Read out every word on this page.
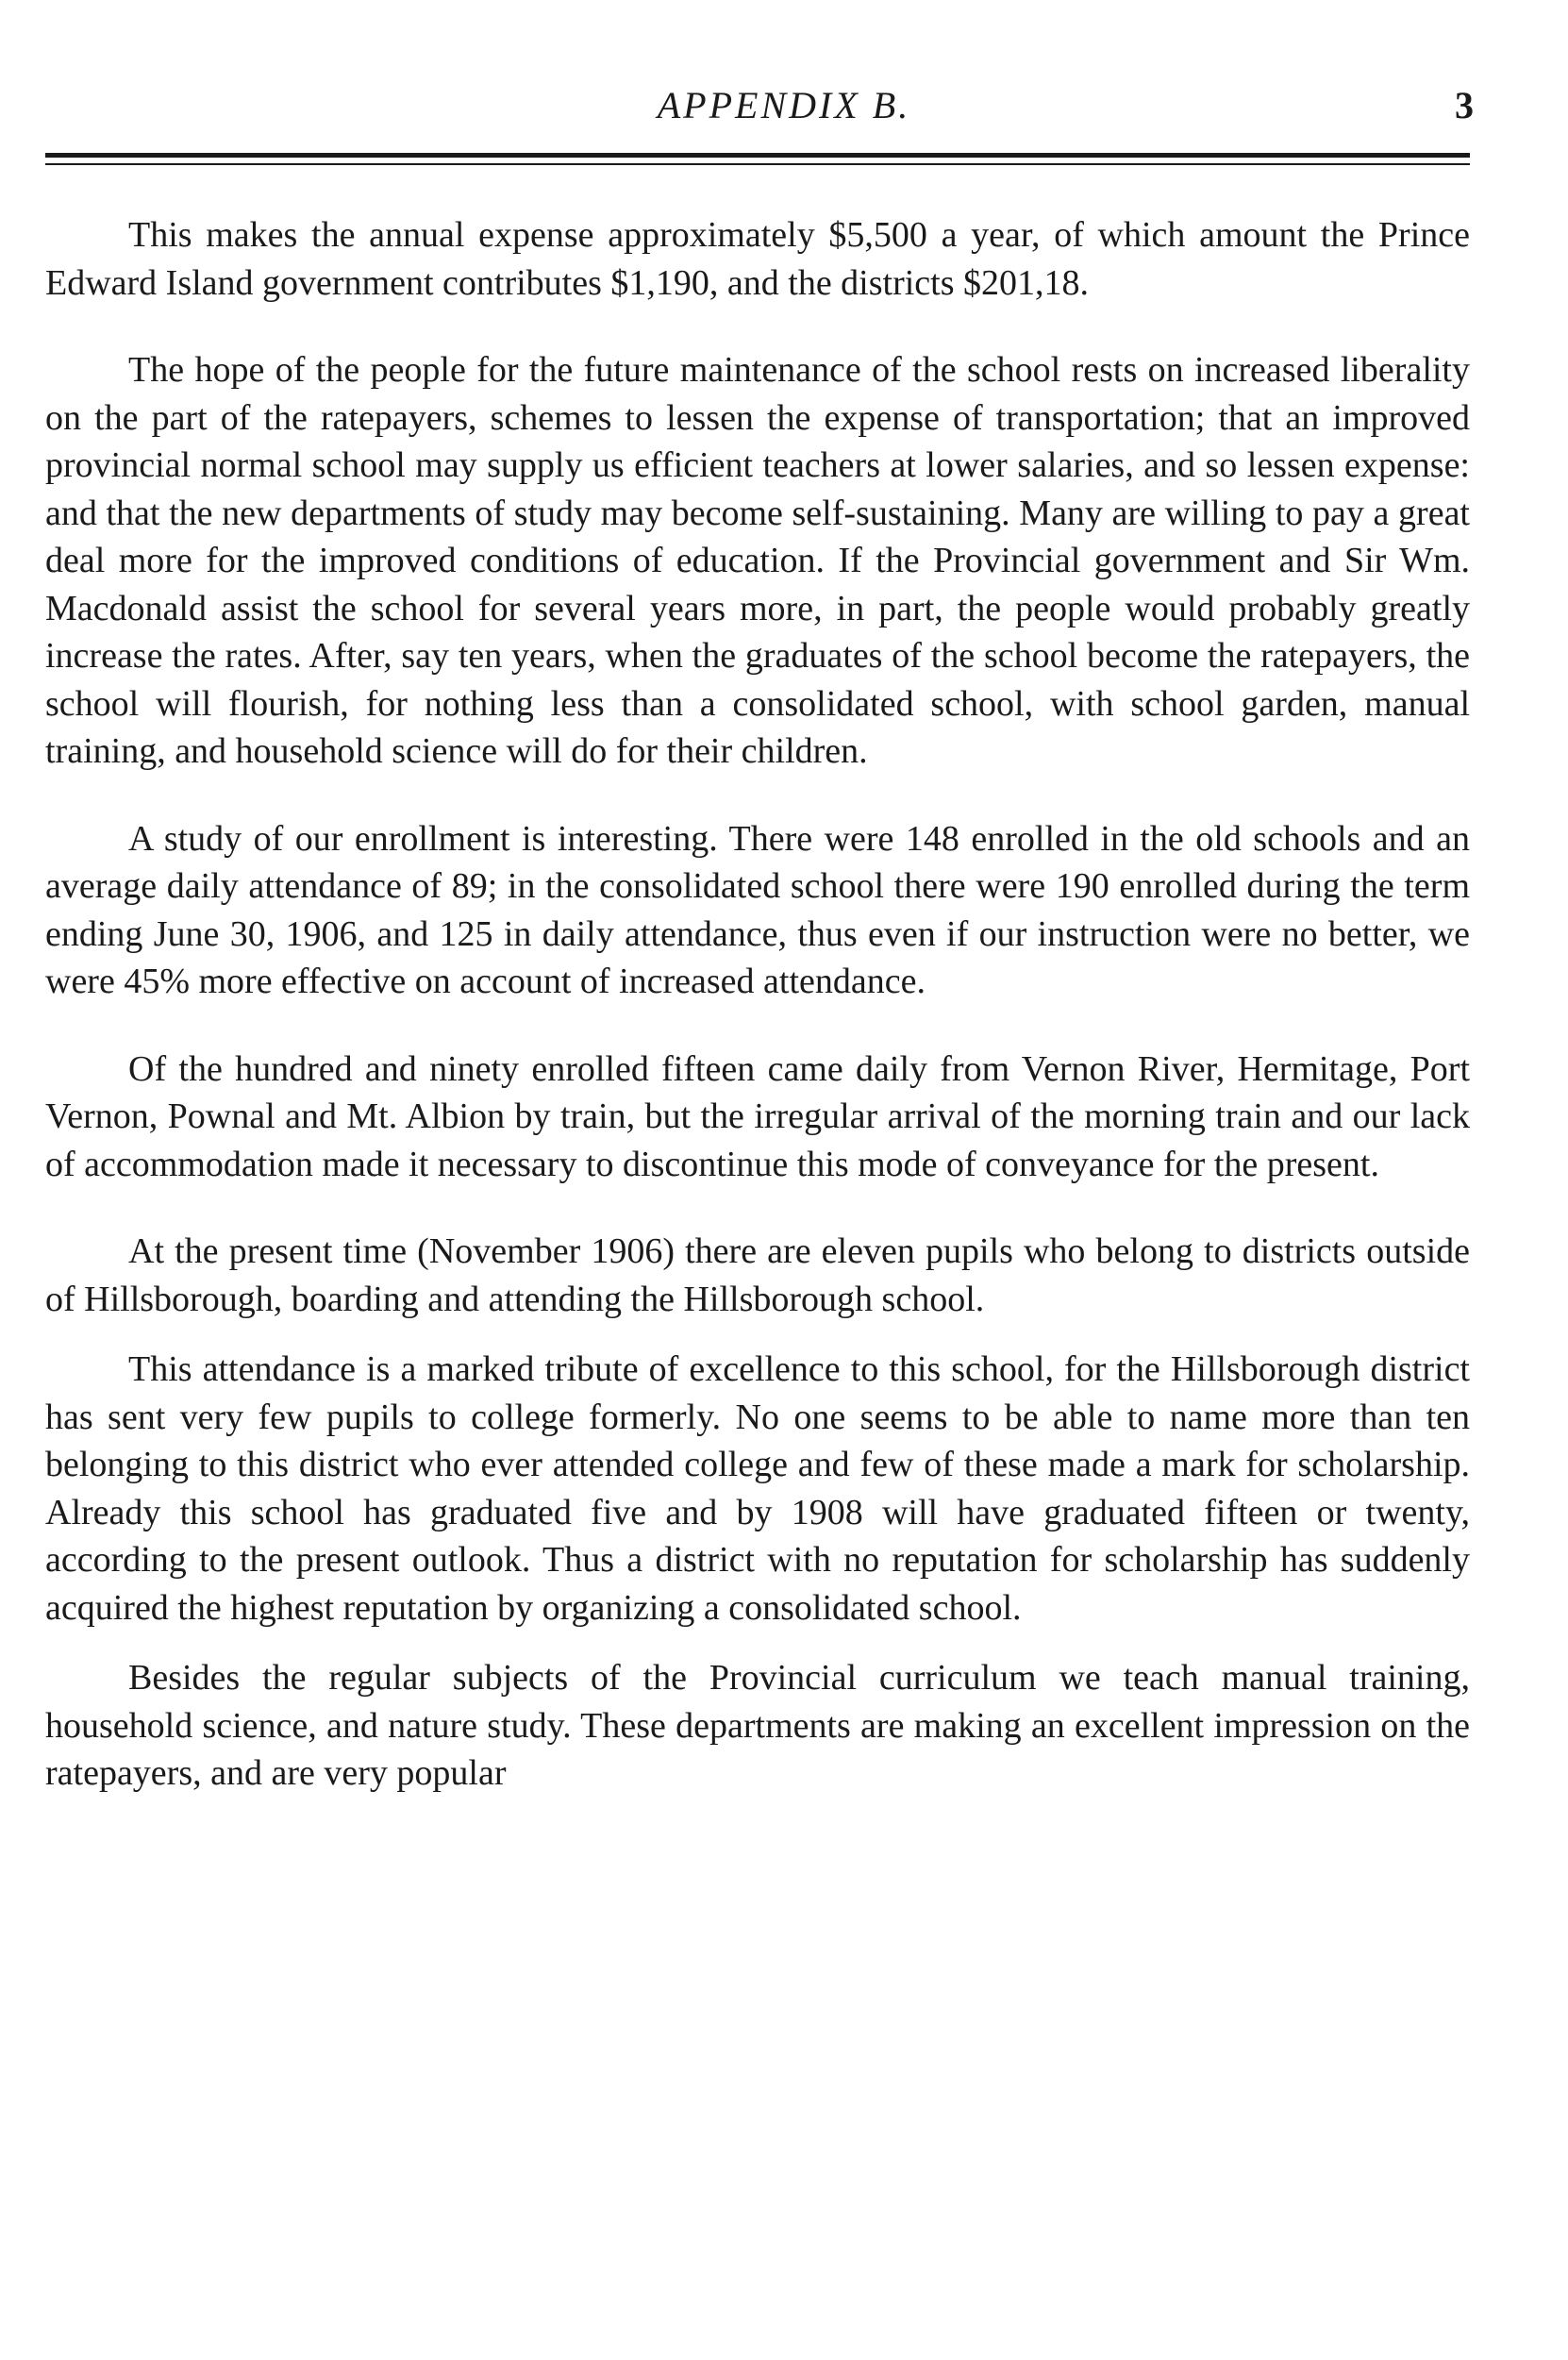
APPENDIX B.	3

This makes the annual expense approximately $5,500 a year, of which amount the Prince Edward Island government contributes $1,190, and the districts $201,18.

The hope of the people for the future maintenance of the school rests on increased liberality on the part of the ratepayers, schemes to lessen the expense of transportation; that an improved provincial normal school may supply us efficient teachers at lower salaries, and so lessen expense: and that the new departments of study may become self-sustaining. Many are willing to pay a great deal more for the improved conditions of education. If the Provincial government and Sir Wm. Macdonald assist the school for several years more, in part, the people would probably greatly increase the rates. After, say ten years, when the graduates of the school become the ratepayers, the school will flourish, for nothing less than a consolidated school, with school garden, manual training, and household science will do for their children.

A study of our enrollment is interesting. There were 148 enrolled in the old schools and an average daily attendance of 89; in the consolidated school there were 190 enrolled during the term ending June 30, 1906, and 125 in daily attendance, thus even if our instruction were no better, we were 45% more effective on account of increased attendance.

Of the hundred and ninety enrolled fifteen came daily from Vernon River, Hermitage, Port Vernon, Pownal and Mt. Albion by train, but the irregular arrival of the morning train and our lack of accommodation made it necessary to discontinue this mode of conveyance for the present.

At the present time (November 1906) there are eleven pupils who belong to districts outside of Hillsborough, boarding and attending the Hillsborough school.

This attendance is a marked tribute of excellence to this school, for the Hillsborough district has sent very few pupils to college formerly. No one seems to be able to name more than ten belonging to this district who ever attended college and few of these made a mark for scholarship. Already this school has graduated five and by 1908 will have graduated fifteen or twenty, according to the present outlook. Thus a district with no reputation for scholarship has suddenly acquired the highest reputation by organizing a consolidated school.

Besides the regular subjects of the Provincial curriculum we teach manual training, household science, and nature study. These departments are making an excellent impression on the ratepayers, and are very popular
